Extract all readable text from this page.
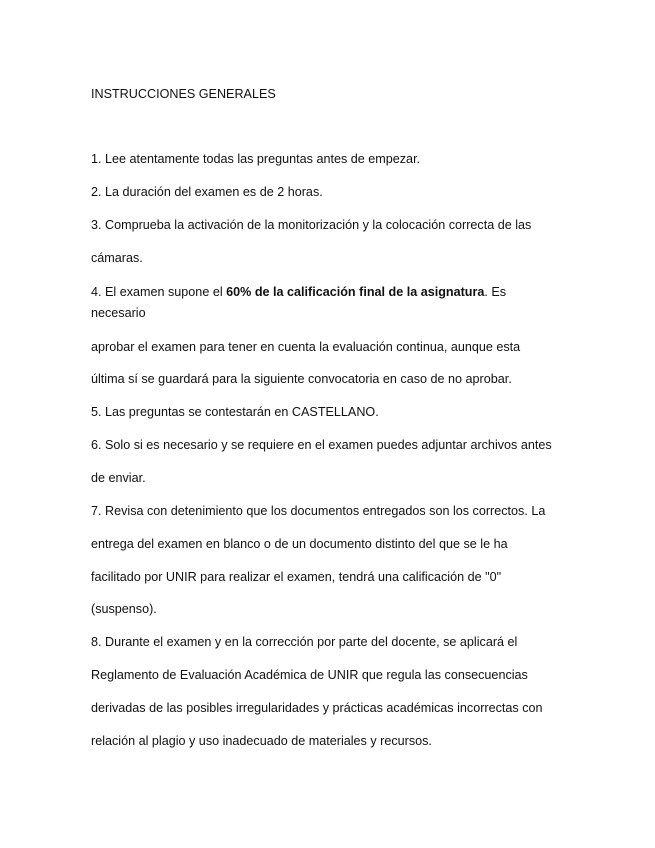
INSTRUCCIONES GENERALES
1. Lee atentamente todas las preguntas antes de empezar.
2. La duración del examen es de 2 horas.
3. Comprueba la activación de la monitorización y la colocación correcta de las
cámaras.
4. El examen supone el 60% de la calificación final de la asignatura. Es
necesario
aprobar el examen para tener en cuenta la evaluación continua, aunque esta
última sí se guardará para la siguiente convocatoria en caso de no aprobar.
5. Las preguntas se contestarán en CASTELLANO.
6. Solo si es necesario y se requiere en el examen puedes adjuntar archivos antes
de enviar.
7. Revisa con detenimiento que los documentos entregados son los correctos. La
entrega del examen en blanco o de un documento distinto del que se le ha
facilitado por UNIR para realizar el examen, tendrá una calificación de "0"
(suspenso).
8. Durante el examen y en la corrección por parte del docente, se aplicará el
Reglamento de Evaluación Académica de UNIR que regula las consecuencias
derivadas de las posibles irregularidades y prácticas académicas incorrectas con
relación al plagio y uso inadecuado de materiales y recursos.
